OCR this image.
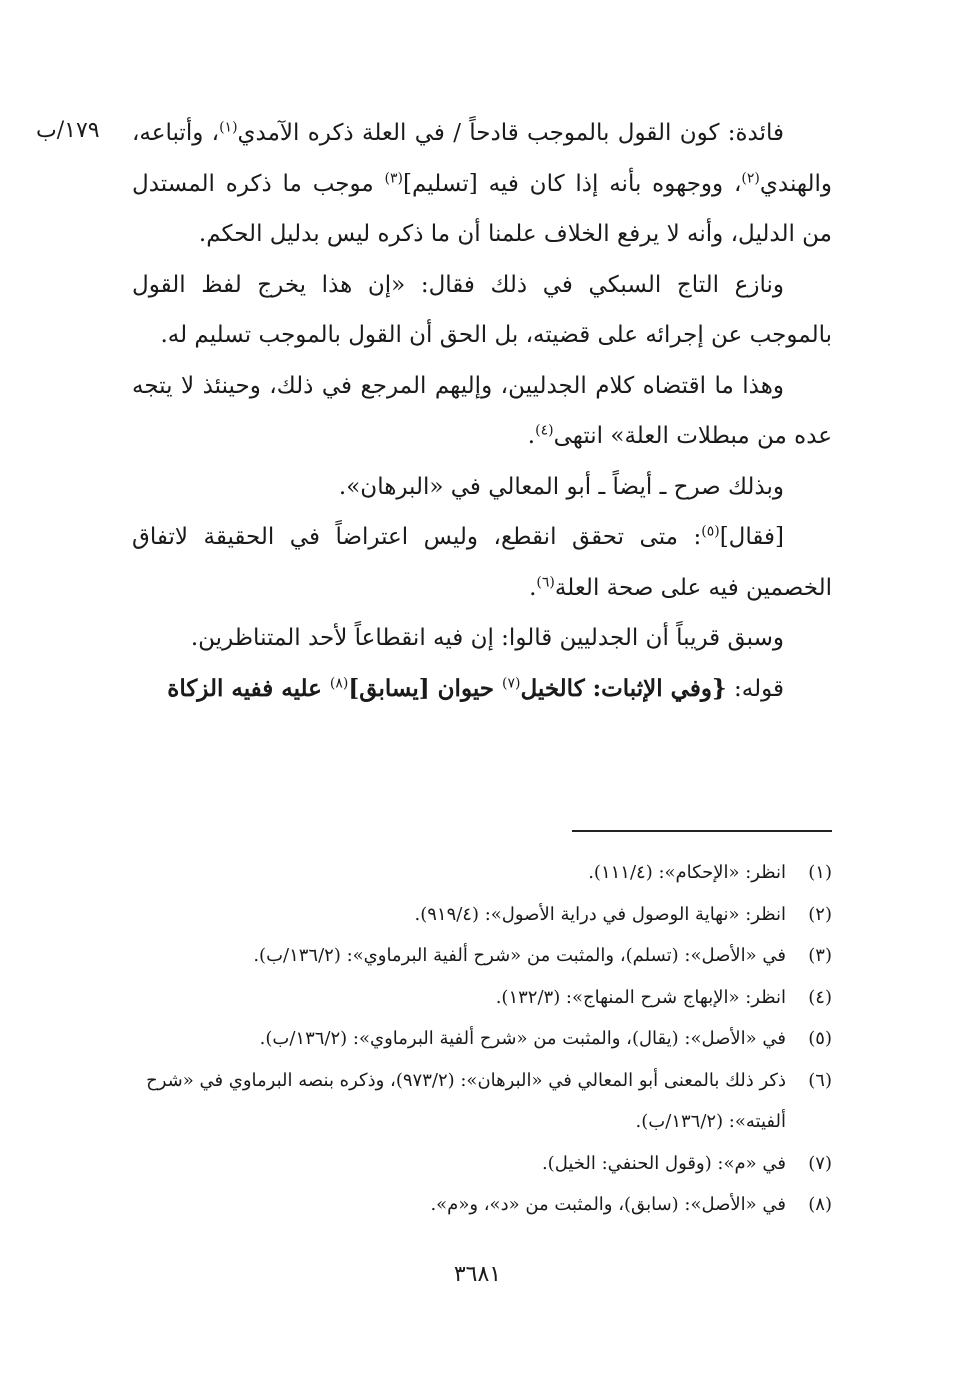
١٧٩/ب	فائدة: كون القول بالموجب قادحاً / في العلة ذكره الآمدي$^{(١)}$، وأتباعه، والهندي$^{(٢)}$، ووجهوه بأنه إذا كان فيه [تسليم]$^{(٣)}$ موجب ما ذكره المستدل من الدليل، وأنه لا يرفع الخلاف علمنا أن ما ذكره ليس بدليل الحكم.

ونازع التاج السبكي في ذلك فقال: «إن هذا يخرج لفظ القول بالموجب عن إجرائه على قضيته، بل الحق أن القول بالموجب تسليم له.

وهذا ما اقتضاه كلام الجدليين، وإليهم المرجع في ذلك، وحينئذ لا يتجه عده من مبطلات العلة» انتهى$^{(٤)}$.

وبذلك صرح ـ أيضاً ـ أبو المعالي في «البرهان».

[فقال]$^{(٥)}$: متى تحقق انقطع، وليس اعتراضاً في الحقيقة لاتفاق الخصمين فيه على صحة العلة$^{(٦)}$.

وسبق قريباً أن الجدليين قالوا: إن فيه انقطاعاً لأحد المتناظرين.

قوله: {وفي الإثبات: كالخيل$^{(٧)}$ حيوان [يسابق]$^{(٨)}$ عليه ففيه الزكاة

(١)
انظر: «الإحكام»: (١١١/٤).
(٢)
انظر: «نهاية الوصول في دراية الأصول»: (٩١٩/٤).
(٣)
في «الأصل»: (تسلم)، والمثبت من «شرح ألفية البرماوي»: (١٣٦/٢/ب).
(٤)
انظر: «الإبهاج شرح المنهاج»: (١٣٢/٣).
(٥)
في «الأصل»: (يقال)، والمثبت من «شرح ألفية البرماوي»: (١٣٦/٢/ب).
(٦)
ذكر ذلك بالمعنى أبو المعالي في «البرهان»: (٩٧٣/٢)، وذكره بنصه البرماوي في «شرح ألفيته»: (١٣٦/٢/ب).
(٧)
في «م»: (وقول الحنفي: الخيل).
(٨)
في «الأصل»: (سابق)، والمثبت من «د»، و«م».
٣٦٨١
